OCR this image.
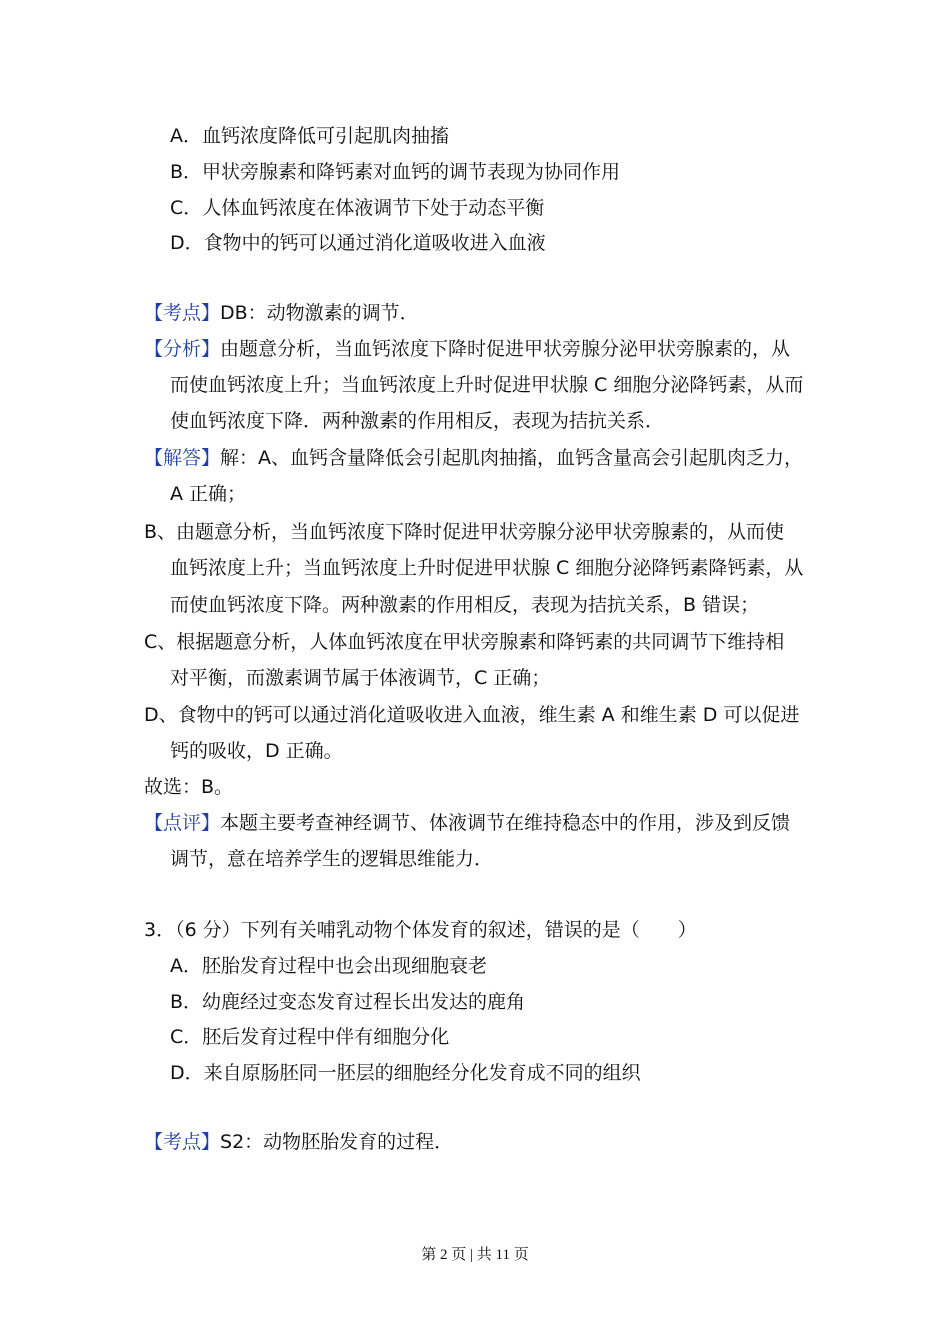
A．血钙浓度降低可引起肌肉抽搐
B．甲状旁腺素和降钙素对血钙的调节表现为协同作用
C．人体血钙浓度在体液调节下处于动态平衡
D．食物中的钙可以通过消化道吸收进入血液
【考点】DB：动物激素的调节．
【分析】由题意分析，当血钙浓度下降时促进甲状旁腺分泌甲状旁腺素的，从
而使血钙浓度上升；当血钙浓度上升时促进甲状腺 C 细胞分泌降钙素，从而
使血钙浓度下降．两种激素的作用相反，表现为拮抗关系．
【解答】解：A、血钙含量降低会引起肌肉抽搐，血钙含量高会引起肌肉乏力，
A 正确；
B、由题意分析，当血钙浓度下降时促进甲状旁腺分泌甲状旁腺素的，从而使
血钙浓度上升；当血钙浓度上升时促进甲状腺 C 细胞分泌降钙素降钙素，从
而使血钙浓度下降。两种激素的作用相反，表现为拮抗关系，B 错误；
C、根据题意分析，人体血钙浓度在甲状旁腺素和降钙素的共同调节下维持相
对平衡，而激素调节属于体液调节，C 正确；
D、食物中的钙可以通过消化道吸收进入血液，维生素 A 和维生素 D 可以促进
钙的吸收，D 正确。
故选：B。
【点评】本题主要考查神经调节、体液调节在维持稳态中的作用，涉及到反馈
调节，意在培养学生的逻辑思维能力．
3．（6 分）下列有关哺乳动物个体发育的叙述，错误的是（　　）
A．胚胎发育过程中也会出现细胞衰老
B．幼鹿经过变态发育过程长出发达的鹿角
C．胚后发育过程中伴有细胞分化
D．来自原肠胚同一胚层的细胞经分化发育成不同的组织
【考点】S2：动物胚胎发育的过程．
第 2 页 | 共 11 页
